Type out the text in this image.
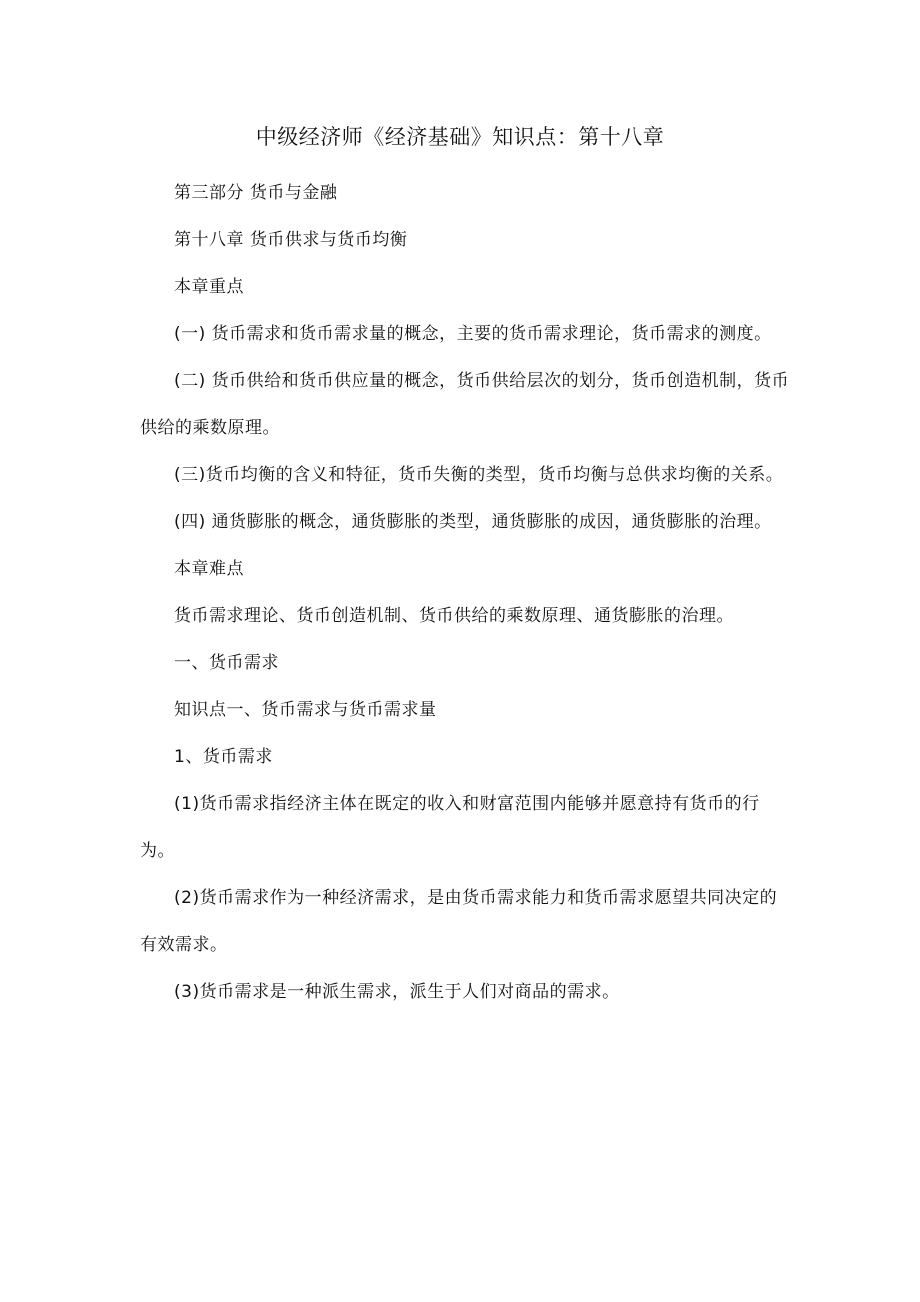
中级经济师《经济基础》知识点：第十八章

第三部分 货币与金融

第十八章 货币供求与货币均衡

本章重点

(一) 货币需求和货币需求量的概念，主要的货币需求理论，货币需求的测度。

(二) 货币供给和货币供应量的概念，货币供给层次的划分，货币创造机制，货币供给的乘数原理。

(三)货币均衡的含义和特征，货币失衡的类型，货币均衡与总供求均衡的关系。

(四) 通货膨胀的概念，通货膨胀的类型，通货膨胀的成因，通货膨胀的治理。

本章难点

货币需求理论、货币创造机制、货币供给的乘数原理、通货膨胀的治理。

一、货币需求

知识点一、货币需求与货币需求量

1、货币需求

(1)货币需求指经济主体在既定的收入和财富范围内能够并愿意持有货币的行为。

(2)货币需求作为一种经济需求，是由货币需求能力和货币需求愿望共同决定的有效需求。

(3)货币需求是一种派生需求，派生于人们对商品的需求。
